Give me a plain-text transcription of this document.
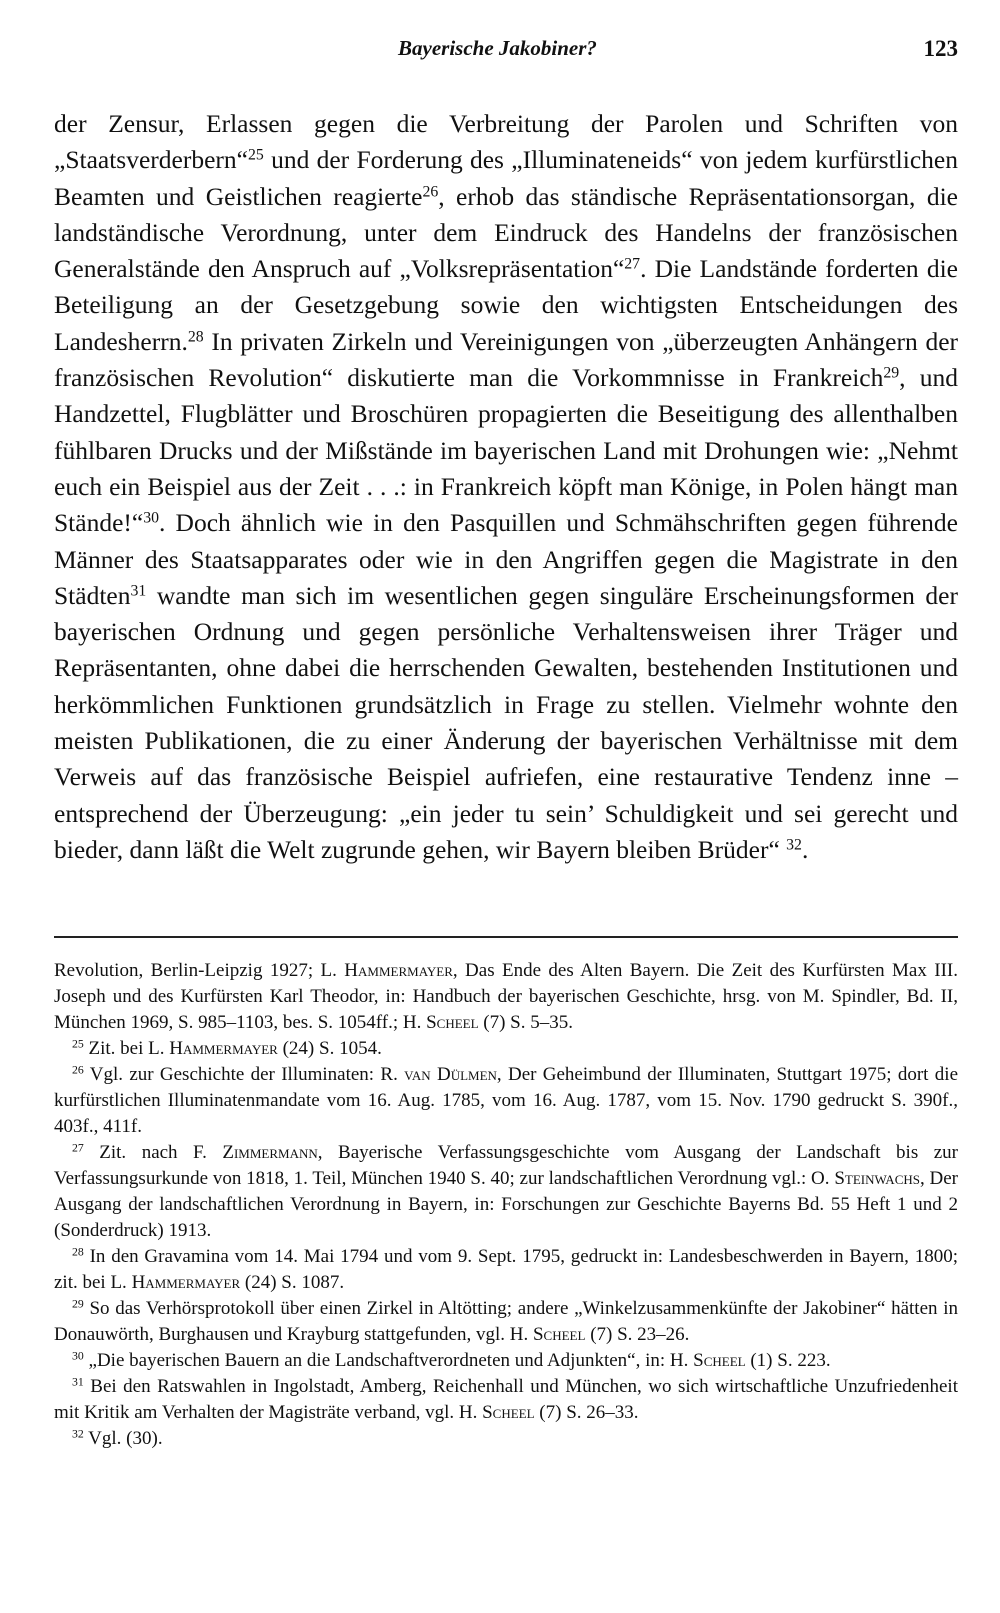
Bayerische Jakobiner?	123

der Zensur, Erlassen gegen die Verbreitung der Parolen und Schriften von „Staatsverderbern“$^{25}$ und der Forderung des „Illuminateneids“ von jedem kurfürstlichen Beamten und Geistlichen reagierte$^{26}$, erhob das ständische Repräsentationsorgan, die landständische Verordnung, unter dem Eindruck des Handelns der französischen Generalstände den Anspruch auf „Volksrepräsentation“$^{27}$. Die Landstände forderten die Beteiligung an der Gesetzgebung sowie den wichtigsten Entscheidungen des Landesherrn.$^{28}$ In privaten Zirkeln und Vereinigungen von „überzeugten Anhängern der französischen Revolution“ diskutierte man die Vorkommnisse in Frankreich$^{29}$, und Handzettel, Flugblätter und Broschüren propagierten die Beseitigung des allenthalben fühlbaren Drucks und der Mißstände im bayerischen Land mit Drohungen wie: „Nehmt euch ein Beispiel aus der Zeit . . .: in Frankreich köpft man Könige, in Polen hängt man Stände!“$^{30}$. Doch ähnlich wie in den Pasquillen und Schmähschriften gegen führende Männer des Staatsapparates oder wie in den Angriffen gegen die Magistrate in den Städten$^{31}$ wandte man sich im wesentlichen gegen singuläre Erscheinungsformen der bayerischen Ordnung und gegen persönliche Verhaltensweisen ihrer Träger und Repräsentanten, ohne dabei die herrschenden Gewalten, bestehenden Institutionen und herkömmlichen Funktionen grundsätzlich in Frage zu stellen. Vielmehr wohnte den meisten Publikationen, die zu einer Änderung der bayerischen Verhältnisse mit dem Verweis auf das französische Beispiel aufriefen, eine restaurative Tendenz inne – entsprechend der Überzeugung: „ein jeder tu sein’ Schuldigkeit und sei gerecht und bieder, dann läßt die Welt zugrunde gehen, wir Bayern bleiben Brüder“ $^{32}$.

Revolution, Berlin-Leipzig 1927; L. Hammermayer, Das Ende des Alten Bayern. Die Zeit des Kurfürsten Max III. Joseph und des Kurfürsten Karl Theodor, in: Handbuch der bayerischen Geschichte, hrsg. von M. Spindler, Bd. II, München 1969, S. 985–1103, bes. S. 1054ff.; H. Scheel (7) S. 5–35.

$^{25}$ Zit. bei L. Hammermayer (24) S. 1054.

$^{26}$ Vgl. zur Geschichte der Illuminaten: R. van Dülmen, Der Geheimbund der Illuminaten, Stuttgart 1975; dort die kurfürstlichen Illuminatenmandate vom 16. Aug. 1785, vom 16. Aug. 1787, vom 15. Nov. 1790 gedruckt S. 390f., 403f., 411f.

$^{27}$ Zit. nach F. Zimmermann, Bayerische Verfassungsgeschichte vom Ausgang der Landschaft bis zur Verfassungsurkunde von 1818, 1. Teil, München 1940 S. 40; zur landschaftlichen Verordnung vgl.: O. Steinwachs, Der Ausgang der landschaftlichen Verordnung in Bayern, in: Forschungen zur Geschichte Bayerns Bd. 55 Heft 1 und 2 (Sonderdruck) 1913.

$^{28}$ In den Gravamina vom 14. Mai 1794 und vom 9. Sept. 1795, gedruckt in: Landesbeschwerden in Bayern, 1800; zit. bei L. Hammermayer (24) S. 1087.

$^{29}$ So das Verhörsprotokoll über einen Zirkel in Altötting; andere „Winkelzusammenkünfte der Jakobiner“ hätten in Donauwörth, Burghausen und Krayburg stattgefunden, vgl. H. Scheel (7) S. 23–26.

$^{30}$ „Die bayerischen Bauern an die Landschaftverordneten und Adjunkten“, in: H. Scheel (1) S. 223.

$^{31}$ Bei den Ratswahlen in Ingolstadt, Amberg, Reichenhall und München, wo sich wirtschaftliche Unzufriedenheit mit Kritik am Verhalten der Magisträte verband, vgl. H. Scheel (7) S. 26–33.

$^{32}$ Vgl. (30).
